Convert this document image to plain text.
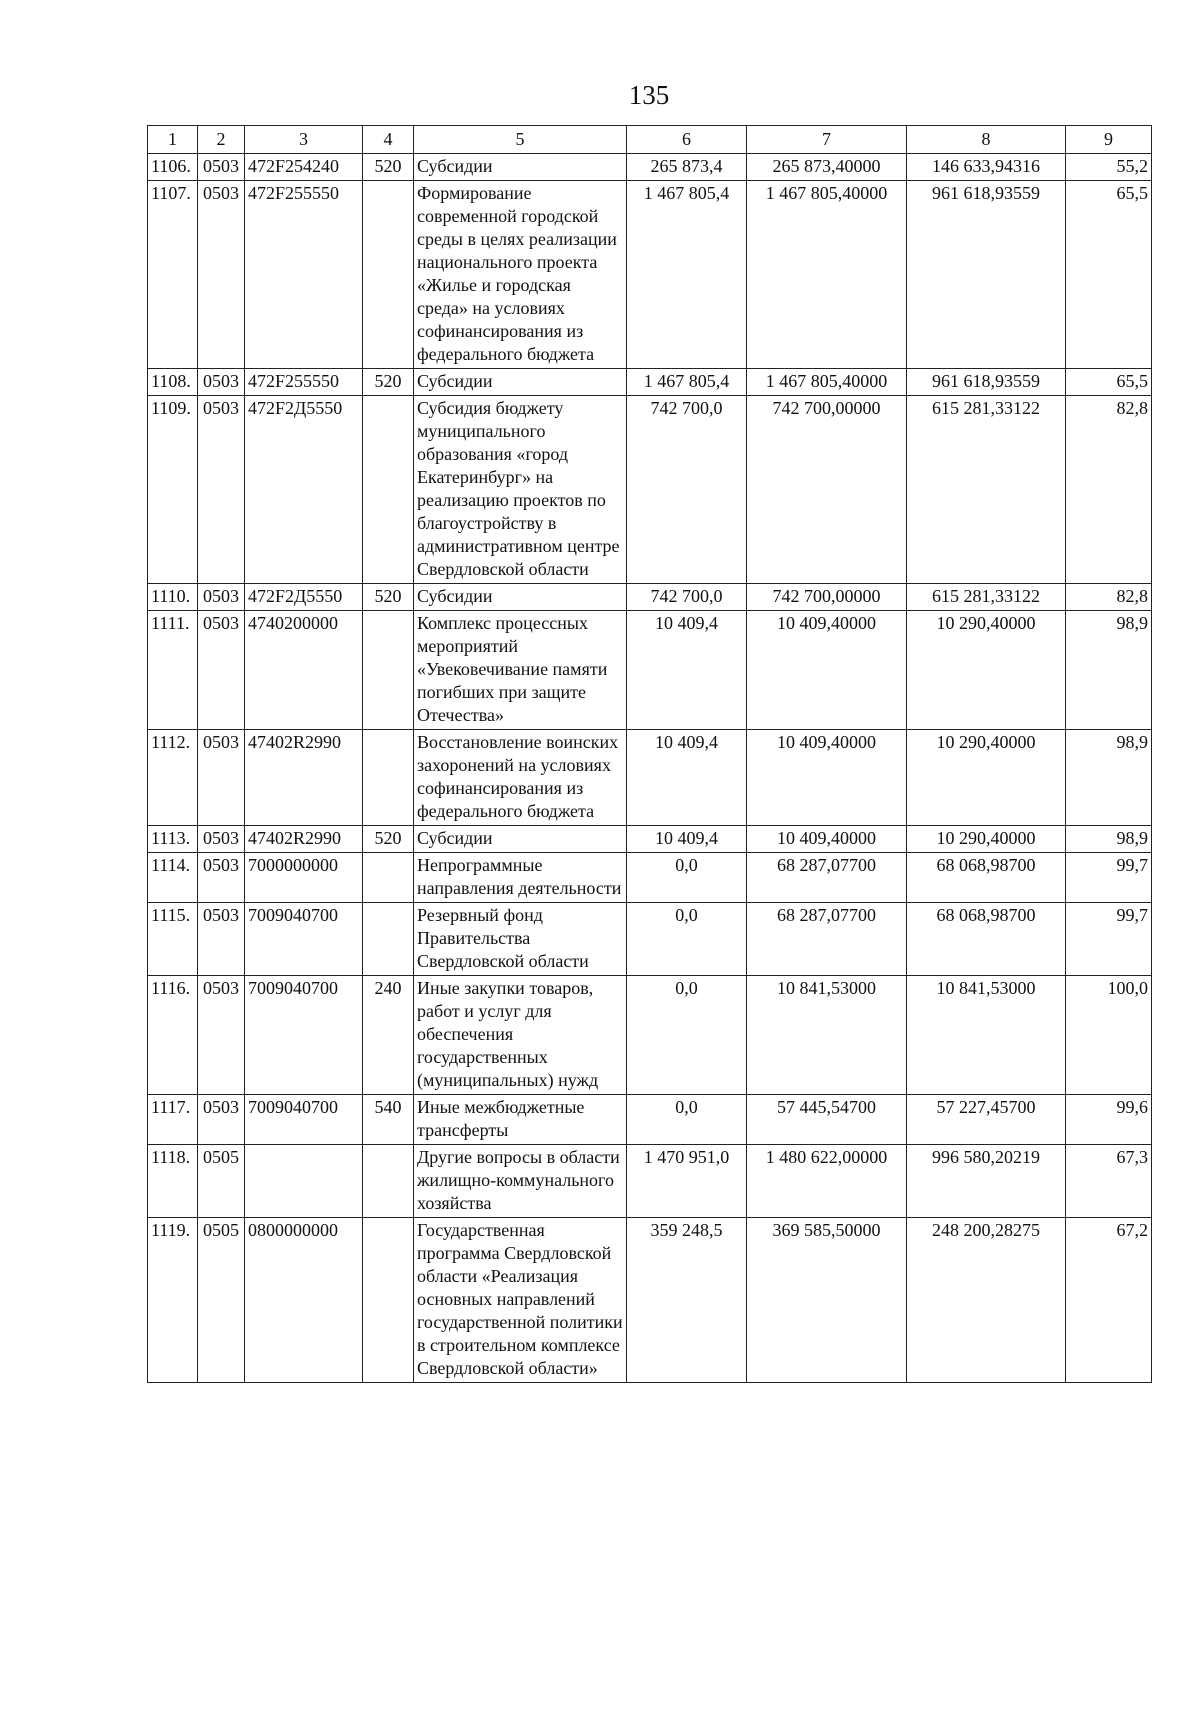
135
1	2	3	4	5	6	7	8	9
1106.	0503	472F254240	520	Субсидии	265 873,4	265 873,40000	146 633,94316	55,2
1107.	0503	472F255550		Формирование современной городской среды в целях реализации национального проекта «Жилье и городская среда» на условиях софинансирования из федерального бюджета	1 467 805,4	1 467 805,40000	961 618,93559	65,5
1108.	0503	472F255550	520	Субсидии	1 467 805,4	1 467 805,40000	961 618,93559	65,5
1109.	0503	472F2Д5550		Субсидия бюджету муниципального образования «город Екатеринбург» на реализацию проектов по благоустройству в административном центре Свердловской области	742 700,0	742 700,00000	615 281,33122	82,8
1110.	0503	472F2Д5550	520	Субсидии	742 700,0	742 700,00000	615 281,33122	82,8
1111.	0503	4740200000		Комплекс процессных мероприятий «Увековечивание памяти погибших при защите Отечества»	10 409,4	10 409,40000	10 290,40000	98,9
1112.	0503	47402R2990		Восстановление воинских захоронений на условиях софинансирования из федерального бюджета	10 409,4	10 409,40000	10 290,40000	98,9
1113.	0503	47402R2990	520	Субсидии	10 409,4	10 409,40000	10 290,40000	98,9
1114.	0503	7000000000		Непрограммные направления деятельности	0,0	68 287,07700	68 068,98700	99,7
1115.	0503	7009040700		Резервный фонд Правительства Свердловской области	0,0	68 287,07700	68 068,98700	99,7
1116.	0503	7009040700	240	Иные закупки товаров, работ и услуг для обеспечения государственных (муниципальных) нужд	0,0	10 841,53000	10 841,53000	100,0
1117.	0503	7009040700	540	Иные межбюджетные трансферты	0,0	57 445,54700	57 227,45700	99,6
1118.	0505			Другие вопросы в области жилищно-коммунального хозяйства	1 470 951,0	1 480 622,00000	996 580,20219	67,3
1119.	0505	0800000000		Государственная программа Свердловской области «Реализация основных направлений государственной политики в строительном комплексе Свердловской области»	359 248,5	369 585,50000	248 200,28275	67,2
